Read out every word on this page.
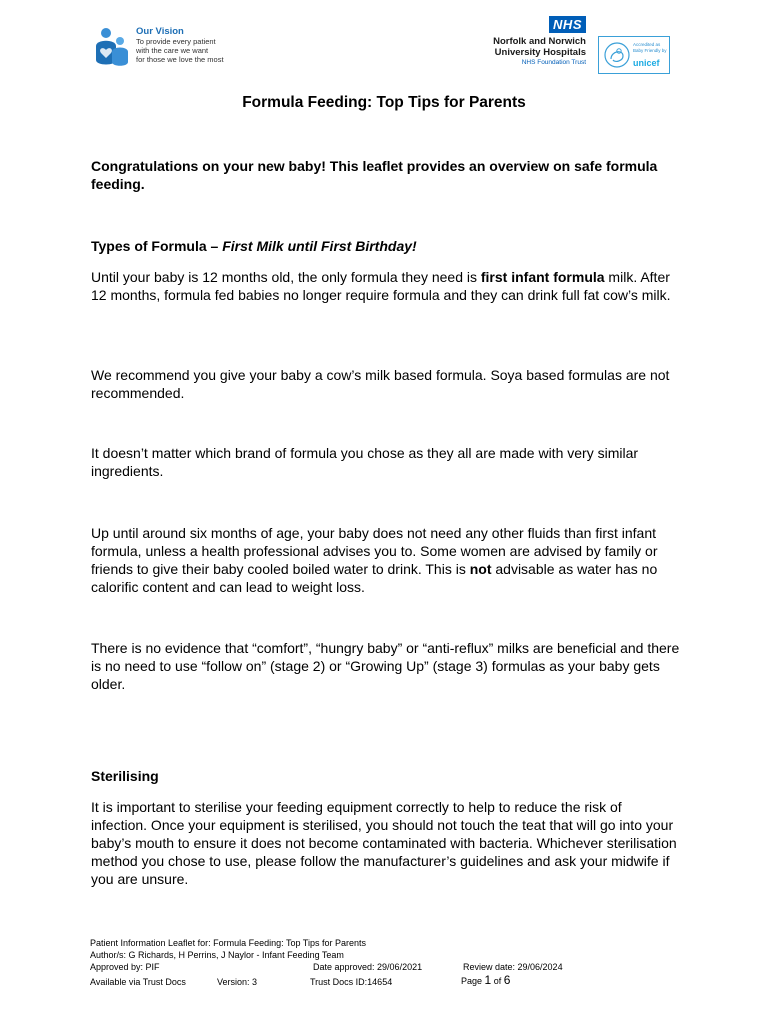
Our Vision
To provide every patient
with the care we want
for those we love the most
NHS
Norfolk and Norwich
University Hospitals
NHS Foundation Trust
Accredited as Baby Friendly by
unicef
Formula Feeding: Top Tips for Parents
Congratulations on your new baby! This leaflet provides an overview on safe formula feeding.
Types of Formula – First Milk until First Birthday!
Until your baby is 12 months old, the only formula they need is first infant formula milk. After 12 months, formula fed babies no longer require formula and they can drink full fat cow’s milk.
We recommend you give your baby a cow’s milk based formula. Soya based formulas are not recommended.
It doesn’t matter which brand of formula you chose as they all are made with very similar ingredients.
Up until around six months of age, your baby does not need any other fluids than first infant formula, unless a health professional advises you to. Some women are advised by family or friends to give their baby cooled boiled water to drink. This is not advisable as water has no calorific content and can lead to weight loss.
There is no evidence that “comfort”, “hungry baby” or “anti-reflux” milks are beneficial and there is no need to use “follow on” (stage 2) or “Growing Up” (stage 3) formulas as your baby gets older.
Sterilising
It is important to sterilise your feeding equipment correctly to help to reduce the risk of infection. Once your equipment is sterilised, you should not touch the teat that will go into your baby’s mouth to ensure it does not become contaminated with bacteria. Whichever sterilisation method you chose to use, please follow the manufacturer’s guidelines and ask your midwife if you are unsure.
Patient Information Leaflet for: Formula Feeding: Top Tips for Parents
Author/s: G Richards, H Perrins, J Naylor - Infant Feeding Team
Approved by: PIF	Date approved: 29/06/2021	Review date: 29/06/2024
Available via Trust Docs	Version: 3	Trust Docs ID:14654	Page 1 of 6
